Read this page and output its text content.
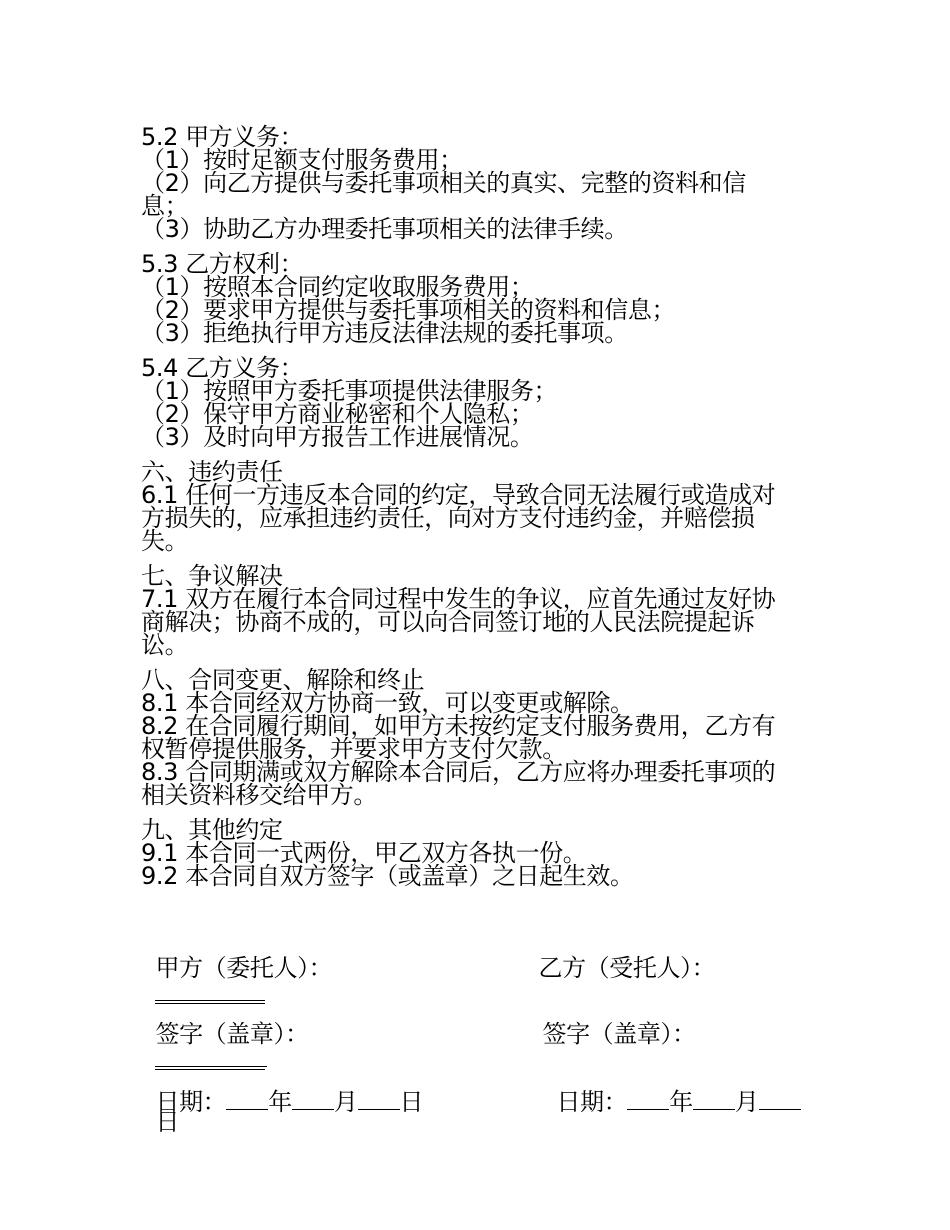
5.2 甲方义务：
（1）按时足额支付服务费用；
（2）向乙方提供与委托事项相关的真实、完整的资料和信
息；
（3）协助乙方办理委托事项相关的法律手续。
5.3 乙方权利：
（1）按照本合同约定收取服务费用；
（2）要求甲方提供与委托事项相关的资料和信息；
（3）拒绝执行甲方违反法律法规的委托事项。
5.4 乙方义务：
（1）按照甲方委托事项提供法律服务；
（2）保守甲方商业秘密和个人隐私；
（3）及时向甲方报告工作进展情况。
六、违约责任
6.1 任何一方违反本合同的约定，导致合同无法履行或造成对
方损失的，应承担违约责任，向对方支付违约金，并赔偿损
失。
七、争议解决
7.1 双方在履行本合同过程中发生的争议，应首先通过友好协
商解决；协商不成的，可以向合同签订地的人民法院提起诉
讼。
八、合同变更、解除和终止
8.1 本合同经双方协商一致，可以变更或解除。
8.2 在合同履行期间，如甲方未按约定支付服务费用，乙方有
权暂停提供服务，并要求甲方支付欠款。
8.3 合同期满或双方解除本合同后，乙方应将办理委托事项的
相关资料移交给甲方。
九、其他约定
9.1 本合同一式两份，甲乙双方各执一份。
9.2 本合同自双方签字（或盖章）之日起生效。

甲方（委托人）：
	乙方（受托人）：

签字（盖章）：
	签字（盖章）：

日期： 年 月 日	日期： 年 月

日
